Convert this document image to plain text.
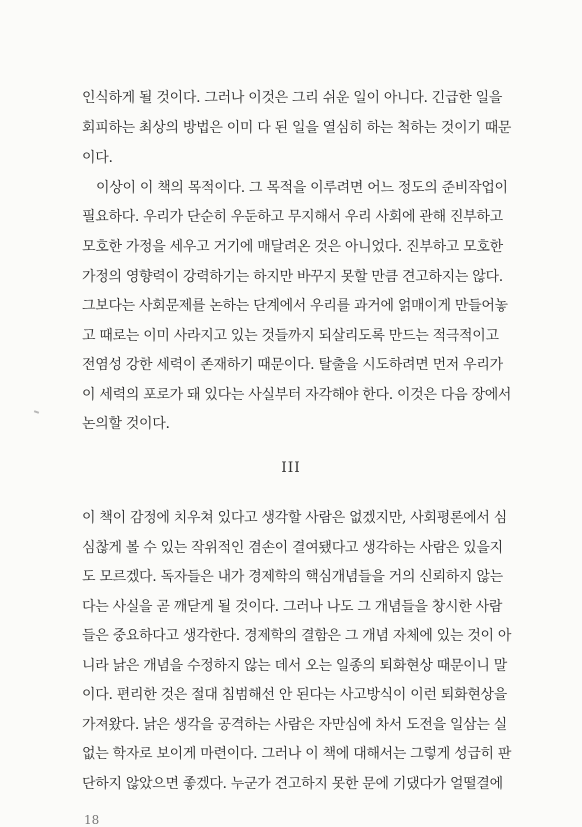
인식하게 될 것이다. 그러나 이것은 그리 쉬운 일이 아니다. 긴급한 일을
회피하는 최상의 방법은 이미 다 된 일을 열심히 하는 척하는 것이기 때문
이다.
이상이 이 책의 목적이다. 그 목적을 이루려면 어느 정도의 준비작업이
필요하다. 우리가 단순히 우둔하고 무지해서 우리 사회에 관해 진부하고
모호한 가정을 세우고 거기에 매달려온 것은 아니었다. 진부하고 모호한
가정의 영향력이 강력하기는 하지만 바꾸지 못할 만큼 견고하지는 않다.
그보다는 사회문제를 논하는 단계에서 우리를 과거에 얽매이게 만들어놓
고 때로는 이미 사라지고 있는 것들까지 되살리도록 만드는 적극적이고
전염성 강한 세력이 존재하기 때문이다. 탈출을 시도하려면 먼저 우리가
이 세력의 포로가 돼 있다는 사실부터 자각해야 한다. 이것은 다음 장에서
논의할 것이다.
III
이 책이 감정에 치우쳐 있다고 생각할 사람은 없겠지만, 사회평론에서 심
심찮게 볼 수 있는 작위적인 겸손이 결여됐다고 생각하는 사람은 있을지
도 모르겠다. 독자들은 내가 경제학의 핵심개념들을 거의 신뢰하지 않는
다는 사실을 곧 깨닫게 될 것이다. 그러나 나도 그 개념들을 창시한 사람
들은 중요하다고 생각한다. 경제학의 결함은 그 개념 자체에 있는 것이 아
니라 낡은 개념을 수정하지 않는 데서 오는 일종의 퇴화현상 때문이니 말
이다. 편리한 것은 절대 침범해선 안 된다는 사고방식이 이런 퇴화현상을
가져왔다. 낡은 생각을 공격하는 사람은 자만심에 차서 도전을 일삼는 실
없는 학자로 보이게 마련이다. 그러나 이 책에 대해서는 그렇게 성급히 판
단하지 않았으면 좋겠다. 누군가 견고하지 못한 문에 기댔다가 얼떨결에
18
